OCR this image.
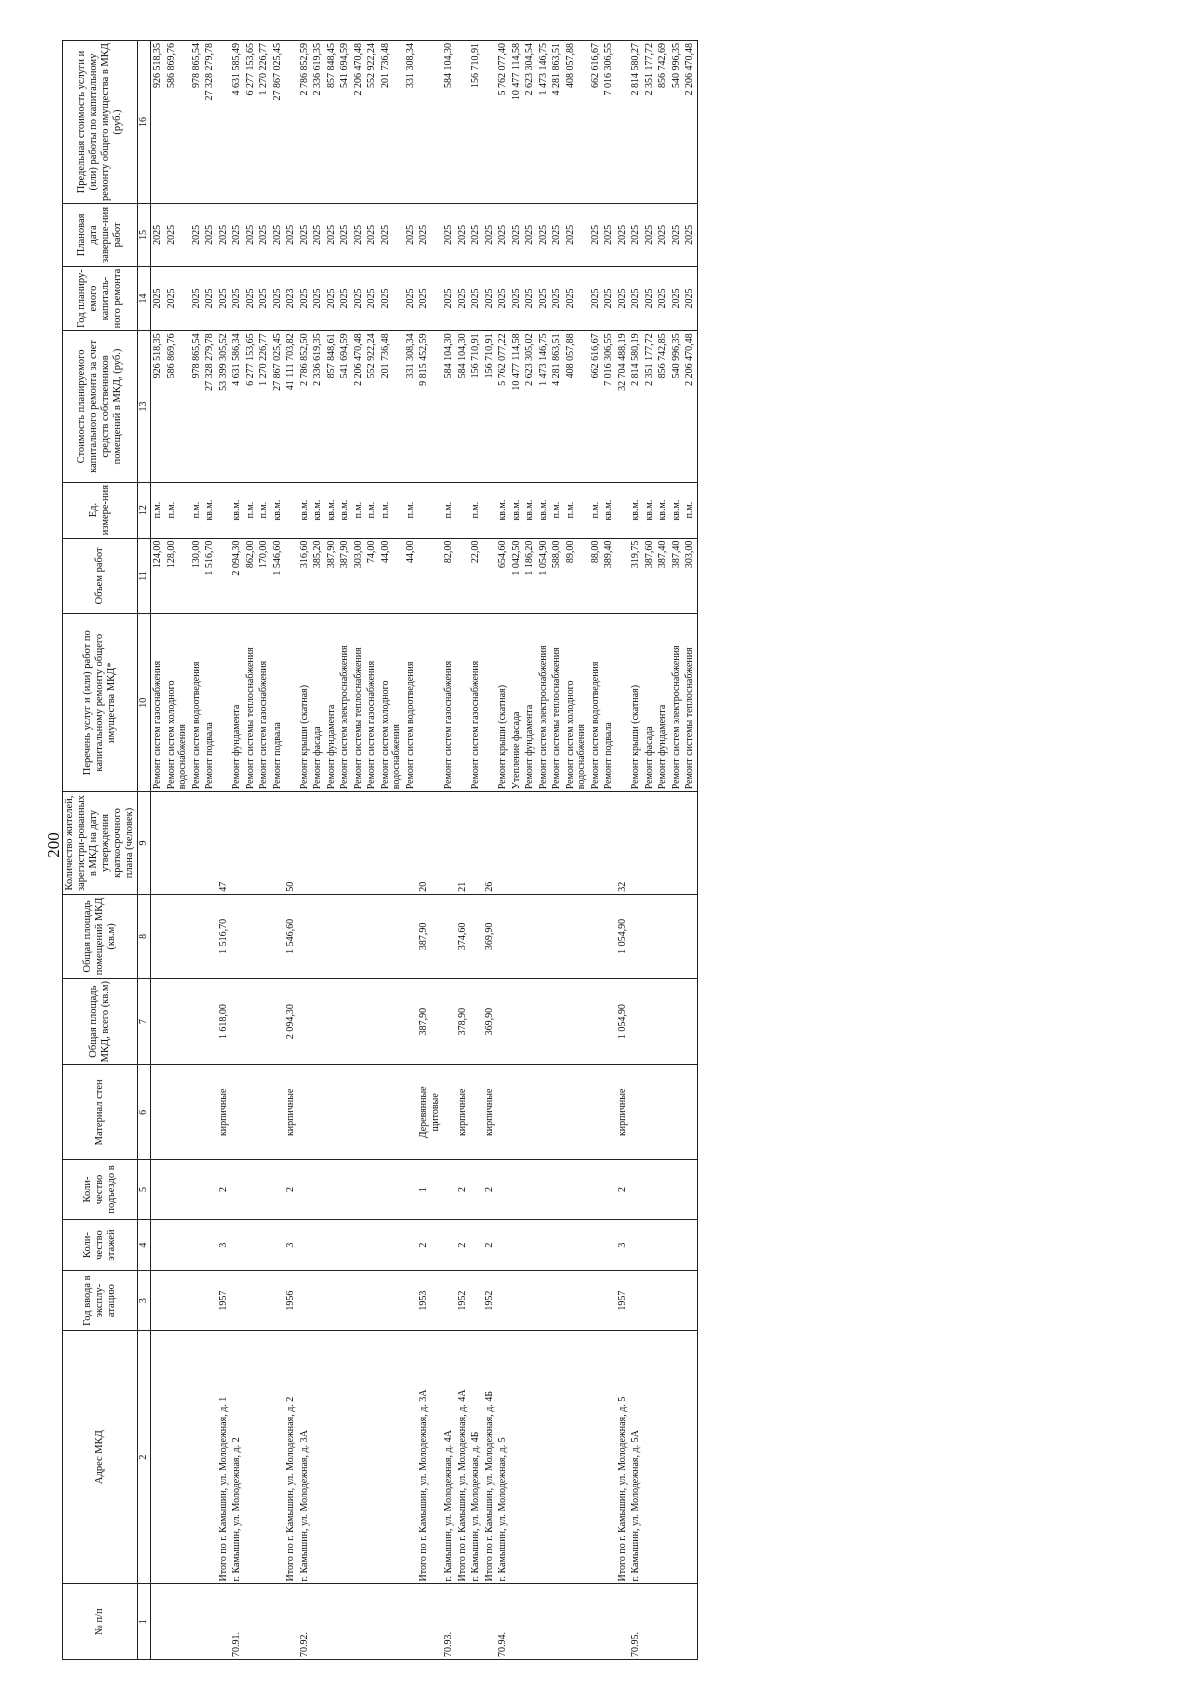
200
№ п/п	Адрес МКД	Год ввода в эксплу-атацию	Коли-чество этажей	Коли-чество подъездо в	Материал стен	Общая площадь МКД, всего (кв.м)	Общая площадь помещений МКД (кв.м)	Количество жителей, зарегистри-рованных в МКД на дату утверждения краткосрочного плана (человек)	Перечень услуг и (или) работ по капитальному ремонту общего имущества МКД*	Объем работ	Ед. измере-ния	Стоимость планируемого капитального ремонта за счет средств собственников помещений в МКД, (руб.)	Год планиру-емого капиталь-ного ремонта	Плановая дата заверше-ния работ	Предельная стоимость услуги и (или) работы по капитальному ремонту общего имущества в МКД (руб.)
1	2	3	4	5	6	7	8	9	10	11	12	13	14	15	16
									Ремонт систем газоснабжения	124,00	п.м.	926 518,35	2025	2025	926 518,35
									Ремонт систем холодного водоснабжения	128,00	п.м.	586 869,76	2025	2025	586 869,76
									Ремонт систем водоотведения	130,00	п.м.	978 865,54	2025	2025	978 865,54
									Ремонт подвала	1 516,70	кв.м.	27 328 279,78	2025	2025	27 328 279,78
	Итого по г. Камышин, ул. Молодежная, д. 1	1957	3	2	кирпичные	1 618,00	1 516,70	47				53 399 305,52	2025	2025	
70.91.	г. Камышин, ул. Молодежная, д. 2								Ремонт фундамента	2 094,30	кв.м.	4 631 586,34	2025	2025	4 631 585,49
									Ремонт системы теплоснабжения	862,00	п.м.	6 277 153,65	2025	2025	6 277 153,65
									Ремонт систем газоснабжения	170,00	п.м.	1 270 226,77	2025	2025	1 270 226,77
									Ремонт подвала	1 546,60	кв.м.	27 867 025,45	2025	2025	27 867 025,45
	Итого по г. Камышин, ул. Молодежная, д. 2	1956	3	2	кирпичные	2 094,30	1 546,60	50				41 111 703,82	2023	2025	
70.92.	г. Камышин, ул. Молодежная, д. 3А								Ремонт крыши (скатная)	316,60	кв.м.	2 786 852,50	2025	2025	2 786 852,59
									Ремонт фасада	385,20	кв.м.	2 336 619,35	2025	2025	2 336 619,35
									Ремонт фундамента	387,90	кв.м.	857 848,61	2025	2025	857 848,45
									Ремонт систем электроснабжения	387,90	кв.м.	541 694,59	2025	2025	541 694,59
									Ремонт системы теплоснабжения	303,00	п.м.	2 206 470,48	2025	2025	2 206 470,48
									Ремонт систем газоснабжения	74,00	п.м.	552 922,24	2025	2025	552 922,24
									Ремонт систем холодного водоснабжения	44,00	п.м.	201 736,48	2025	2025	201 736,48
									Ремонт систем водоотведения	44,00	п.м.	331 308,34	2025	2025	331 308,34
	Итого по г. Камышин, ул. Молодежная, д. 3А	1953	2	1	Деревянные щитовые	387,90	387,90	20				9 815 452,59	2025	2025	
70.93.	г. Камышин, ул. Молодежная, д. 4А								Ремонт систем газоснабжения	82,00	п.м.	584 104,30	2025	2025	584 104,30
	Итого по г. Камышин, ул. Молодежная, д. 4А	1952	2	2	кирпичные	378,90	374,60	21				584 104,30	2025	2025	
	г. Камышин, ул. Молодежная, д. 4Б								Ремонт систем газоснабжения	22,00	п.м.	156 710,91	2025	2025	156 710,91
	Итого по г. Камышин, ул. Молодежная, д. 4Б	1952	2	2	кирпичные	369,90	369,90	26				156 710,91	2025	2025	
70.94.	г. Камышин, ул. Молодежная, д. 5								Ремонт крыши (скатная)	654,60	кв.м.	5 762 077,22	2025	2025	5 762 077,40
									Утепление фасада	1 042,50	кв.м.	10 477 114,58	2025	2025	10 477 114,58
									Ремонт фундамента	1 186,20	кв.м.	2 623 305,02	2025	2025	2 623 304,54
									Ремонт систем электроснабжения	1 054,90	кв.м.	1 473 146,75	2025	2025	1 473 146,75
									Ремонт системы теплоснабжения	588,00	п.м.	4 281 863,51	2025	2025	4 281 863,51
									Ремонт систем холодного водоснабжения	89,00	п.м.	408 057,88	2025	2025	408 057,88
									Ремонт систем водоотведения	88,00	п.м.	662 616,67	2025	2025	662 616,67
									Ремонт подвала	389,40	кв.м.	7 016 306,55	2025	2025	7 016 306,55
	Итого по г. Камышин, ул. Молодежная, д. 5	1957	3	2	кирпичные	1 054,90	1 054,90	32				32 704 488,19	2025	2025	
70.95.	г. Камышин, ул. Молодежная, д. 5А								Ремонт крыши (скатная)	319,75	кв.м.	2 814 580,19	2025	2025	2 814 580,27
									Ремонт фасада	387,60	кв.м.	2 351 177,72	2025	2025	2 351 177,72
									Ремонт фундамента	387,40	кв.м.	856 742,85	2025	2025	856 742,69
									Ремонт систем электроснабжения	387,40	кв.м.	540 996,35	2025	2025	540 996,35
									Ремонт системы теплоснабжения	303,00	п.м.	2 206 470,48	2025	2025	2 206 470,48
